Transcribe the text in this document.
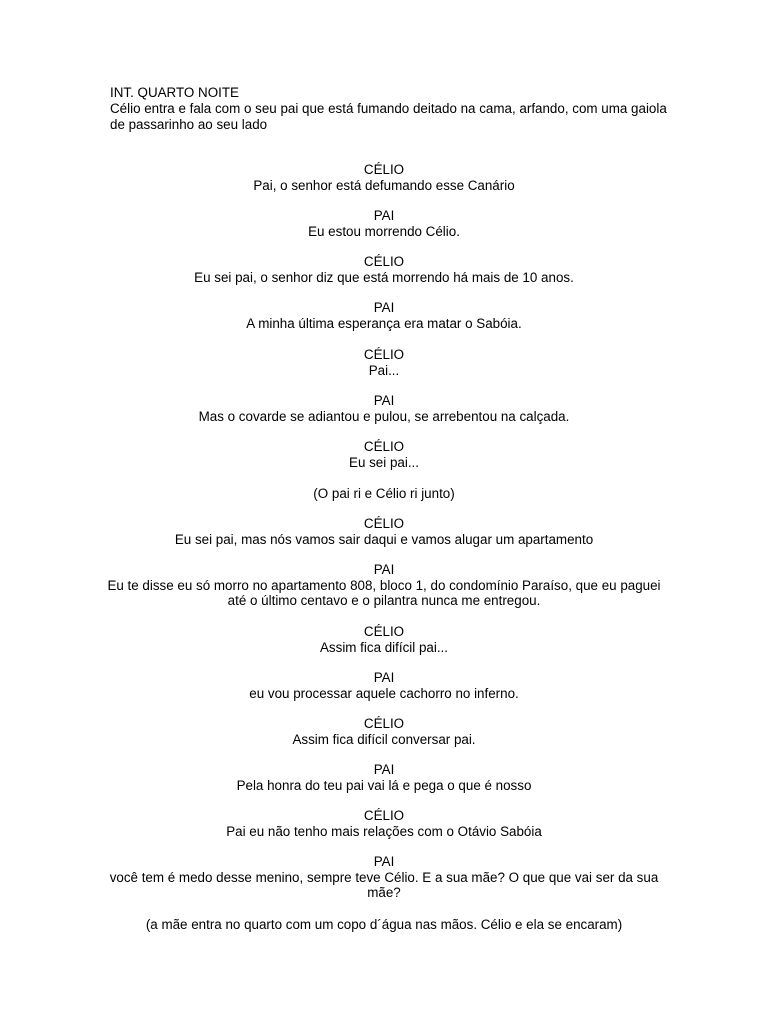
INT. QUARTO NOITE
Célio entra e fala com o seu pai que está fumando deitado na cama, arfando, com uma gaiola de passarinho ao seu lado
CÉLIO
Pai, o senhor está defumando esse Canário
PAI
Eu estou morrendo Célio.
CÉLIO
Eu sei pai, o senhor diz que está morrendo há mais de 10 anos.
PAI
A minha última esperança era matar o Sabóia.
CÉLIO
Pai...
PAI
Mas o covarde se adiantou e pulou, se arrebentou na calçada.
CÉLIO
Eu sei pai...
(O pai ri e Célio ri junto)
CÉLIO
Eu sei pai, mas nós vamos sair daqui e vamos alugar um apartamento
PAI
Eu te disse eu só morro no apartamento 808, bloco 1, do condomínio Paraíso, que eu paguei até o último centavo e o pilantra nunca me entregou.
CÉLIO
Assim fica difícil pai...
PAI
eu vou processar aquele cachorro no inferno.
CÉLIO
Assim fica difícil conversar pai.
PAI
Pela honra do teu pai vai lá e pega o que é nosso
CÉLIO
Pai eu não tenho mais relações com o Otávio Sabóia
PAI
você tem é medo desse menino, sempre teve Célio. E a sua mãe? O que que vai ser da sua mãe?
(a mãe entra no quarto com um copo d´água nas mãos. Célio e ela se encaram)
